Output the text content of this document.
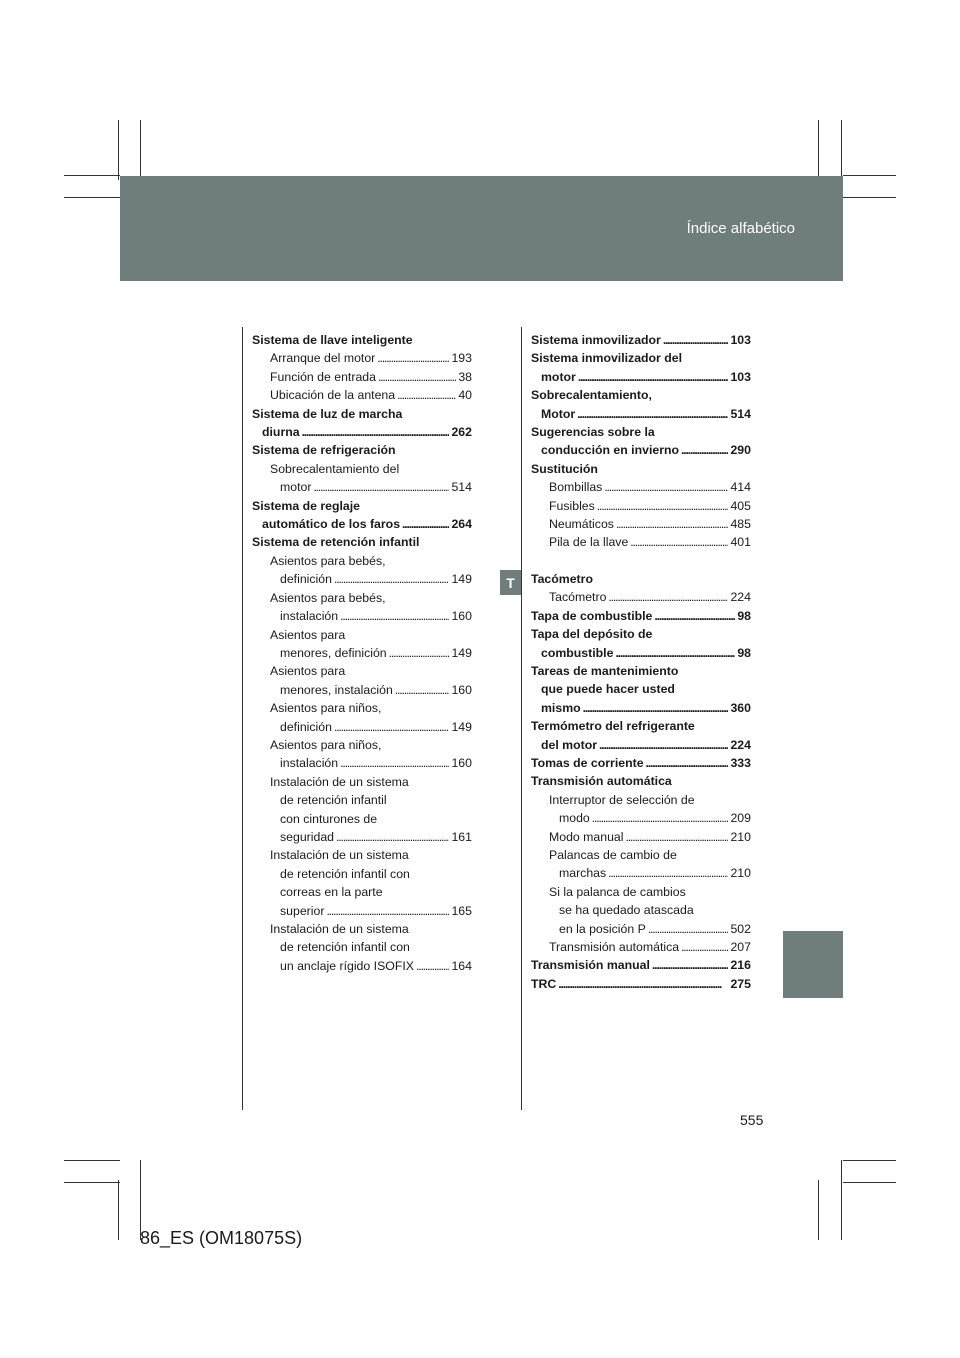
Índice alfabético
T
Sistema de llave inteligente
Arranque del motor . . .	193
Función de entrada . . .	38
Ubicación de la antena . . .	40
Sistema de luz de marcha
diurna . . .	262
Sistema de refrigeración
Sobrecalentamiento del
motor . . .	514
Sistema de reglaje
automático de los faros . . .	264
Sistema de retención infantil
Asientos para bebés,
definición . . .	149
Asientos para bebés,
instalación . . .	160
Asientos para
menores, definición . . .	149
Asientos para
menores, instalación . . .	160
Asientos para niños,
definición . . .	149
Asientos para niños,
instalación . . .	160
Instalación de un sistema
de retención infantil
con cinturones de
seguridad . . .	161
Instalación de un sistema
de retención infantil con
correas en la parte
superior . . .	165
Instalación de un sistema
de retención infantil con
un anclaje rígido ISOFIX . . .	164
Sistema inmovilizador . . .	103
Sistema inmovilizador del
motor . . .	103
Sobrecalentamiento,
Motor . . .	514
Sugerencias sobre la
conducción en invierno . . .	290
Sustitución
Bombillas . . .	414
Fusibles . . .	405
Neumáticos . . .	485
Pila de la llave . . .	401
Tacómetro
Tacómetro . . .	224
Tapa de combustible . . .	98
Tapa del depósito de
combustible . . .	98
Tareas de mantenimiento
que puede hacer usted
mismo . . .	360
Termómetro del refrigerante
del motor . . .	224
Tomas de corriente . . .	333
Transmisión automática
Interruptor de selección de
modo . . .	209
Modo manual . . .	210
Palancas de cambio de
marchas . . .	210
Si la palanca de cambios
se ha quedado atascada
en la posición P . . .	502
Transmisión automática . . .	207
Transmisión manual . . .	216
TRC . . .	275
555
86_ES (OM18075S)
